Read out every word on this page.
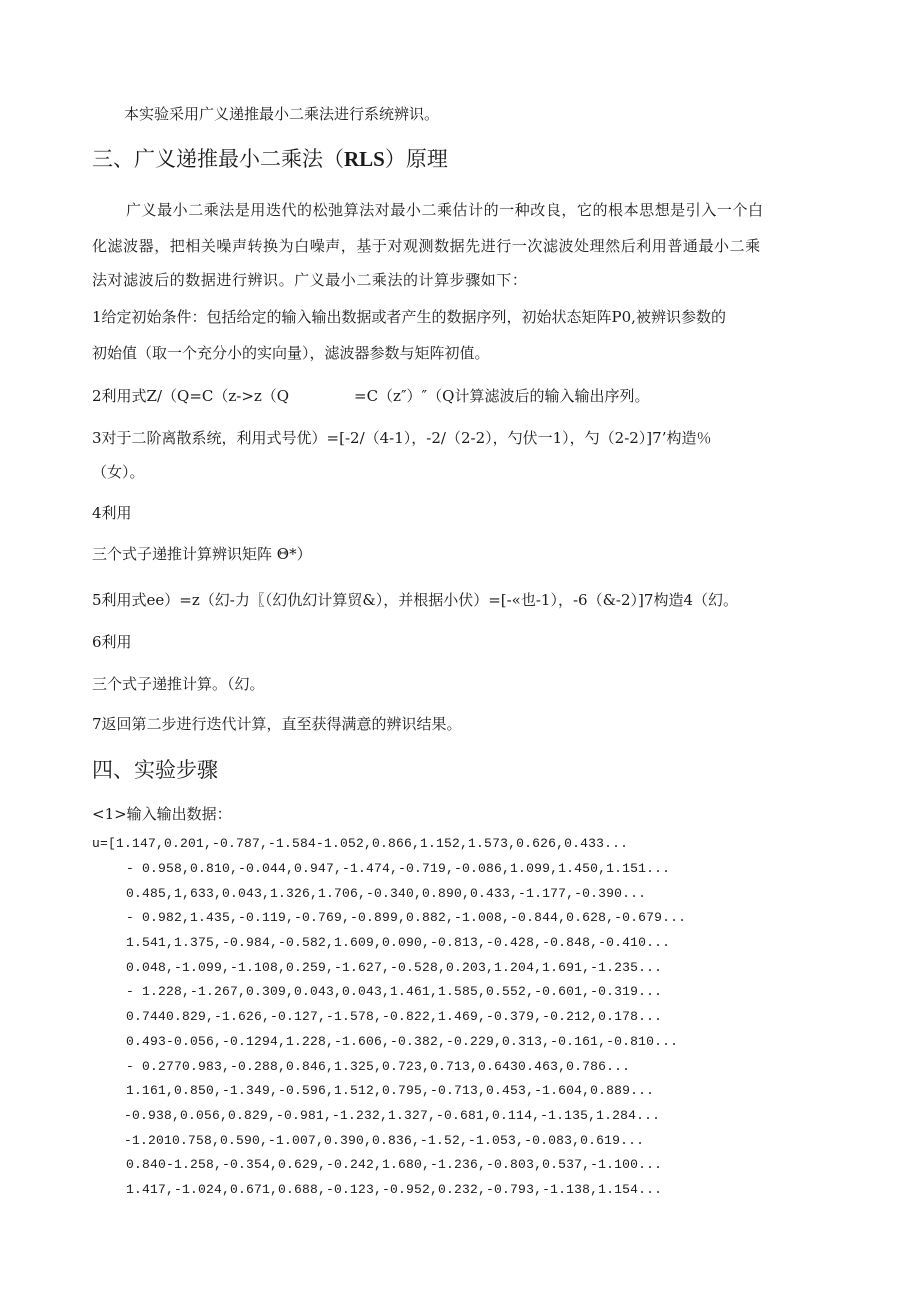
本实验采用广义递推最小二乘法进行系统辨识。
三、广义递推最小二乘法（RLS）原理
广义最小二乘法是用迭代的松弛算法对最小二乘估计的一种改良，它的根本思想是引入一个白
化滤波器，把相关噪声转换为白噪声，基于对观测数据先进行一次滤波处理然后利用普通最小二乘
法对滤波后的数据进行辨识。广义最小二乘法的计算步骤如下：
1给定初始条件：包括给定的输入输出数据或者产生的数据序列，初始状态矩阵P0,被辨识参数的
初始值（取一个充分小的实向量），滤波器参数与矩阵初值。
2利用式Z/（Q=C（z->z（Q	=C（z″）″（Q计算滤波后的输入输出序列。
3对于二阶离散系统，利用式号优）=[-2/（4-1），-2/（2-2），勺伏一1），勺（2-2）]7’构造％
（女）。
4利用
三个式子递推计算辨识矩阵 Θ*）
5利用式ee）=z（幻-力〖（幻仇幻计算贸&），并根据小伏）=[-«也-1），-6（&-2）]7构造4（幻。
6利用
三个式子递推计算。（幻。
7返回第二步进行迭代计算，直至获得满意的辨识结果。
四、实验步骤
<1>输入输出数据：
u=[1.147,0.201,-0.787,-1.584-1.052,0.866,1.152,1.573,0.626,0.433...
- 0.958,0.810,-0.044,0.947,-1.474,-0.719,-0.086,1.099,1.450,1.151...
0.485,1,633,0.043,1.326,1.706,-0.340,0.890,0.433,-1.177,-0.390...
- 0.982,1.435,-0.119,-0.769,-0.899,0.882,-1.008,-0.844,0.628,-0.679...
1.541,1.375,-0.984,-0.582,1.609,0.090,-0.813,-0.428,-0.848,-0.410...
0.048,-1.099,-1.108,0.259,-1.627,-0.528,0.203,1.204,1.691,-1.235...
- 1.228,-1.267,0.309,0.043,0.043,1.461,1.585,0.552,-0.601,-0.319...
0.7440.829,-1.626,-0.127,-1.578,-0.822,1.469,-0.379,-0.212,0.178...
0.493-0.056,-0.1294,1.228,-1.606,-0.382,-0.229,0.313,-0.161,-0.810...
- 0.2770.983,-0.288,0.846,1.325,0.723,0.713,0.6430.463,0.786...
1.161,0.850,-1.349,-0.596,1.512,0.795,-0.713,0.453,-1.604,0.889...
-0.938,0.056,0.829,-0.981,-1.232,1.327,-0.681,0.114,-1.135,1.284...
-1.2010.758,0.590,-1.007,0.390,0.836,-1.52,-1.053,-0.083,0.619...
0.840-1.258,-0.354,0.629,-0.242,1.680,-1.236,-0.803,0.537,-1.100...
1.417,-1.024,0.671,0.688,-0.123,-0.952,0.232,-0.793,-1.138,1.154...
